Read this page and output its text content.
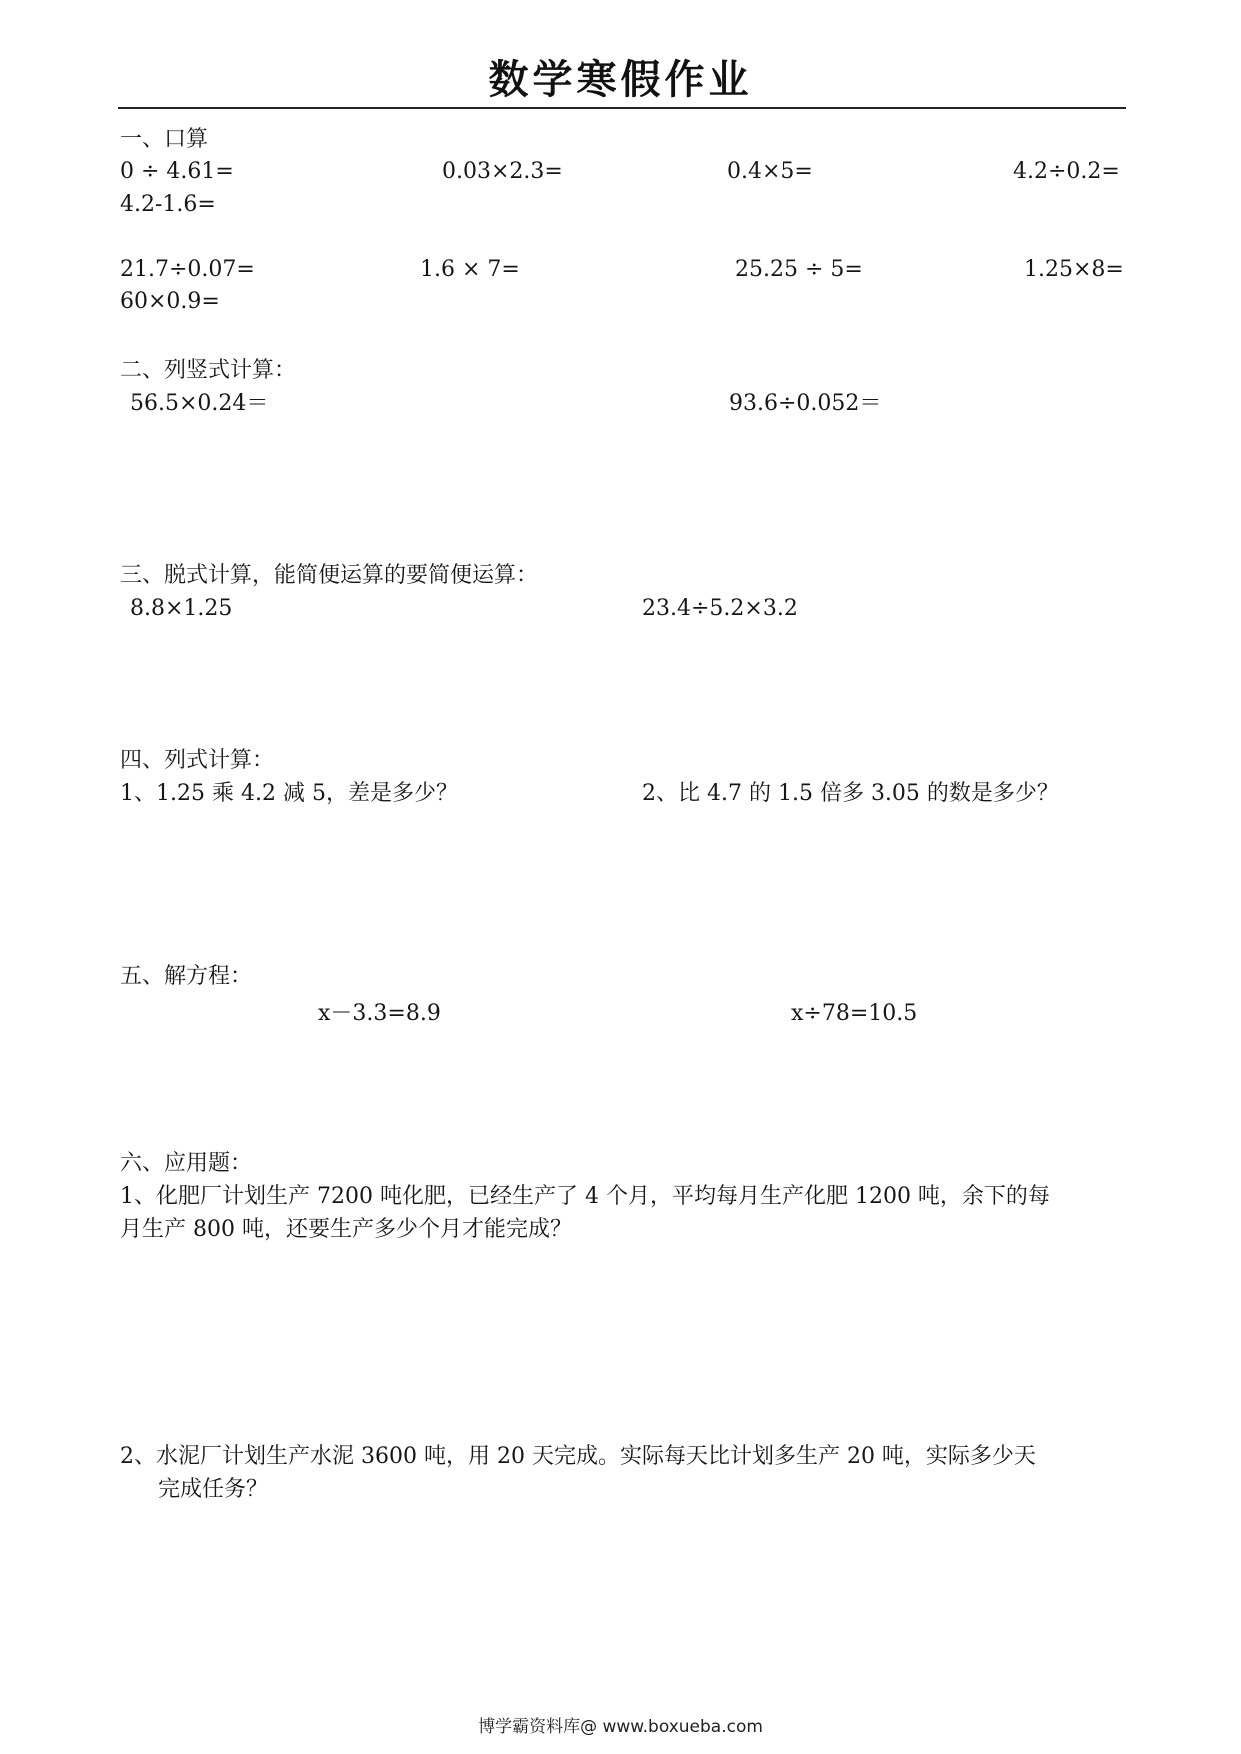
数学寒假作业
一、口算
0 ÷ 4.61=	0.03×2.3=	0.4×5=	4.2÷0.2=
4.2-1.6=
21.7÷0.07=	1.6 × 7=	25.25 ÷ 5=	1.25×8=
60×0.9=
二、列竖式计算：
56.5×0.24＝	93.6÷0.052＝
三、脱式计算，能简便运算的要简便运算：
8.8×1.25	23.4÷5.2×3.2
四、列式计算：
1、1.25 乘 4.2 减 5，差是多少？	2、比 4.7 的 1.5 倍多 3.05 的数是多少？
五、解方程：
x－3.3=8.9	x÷78=10.5
六、应用题：
1、化肥厂计划生产 7200 吨化肥，已经生产了 4 个月，平均每月生产化肥 1200 吨，余下的每
月生产 800 吨，还要生产多少个月才能完成？
2、水泥厂计划生产水泥 3600 吨，用 20 天完成。实际每天比计划多生产 20 吨，实际多少天
完成任务？
博学霸资料库@ www.boxueba.com
